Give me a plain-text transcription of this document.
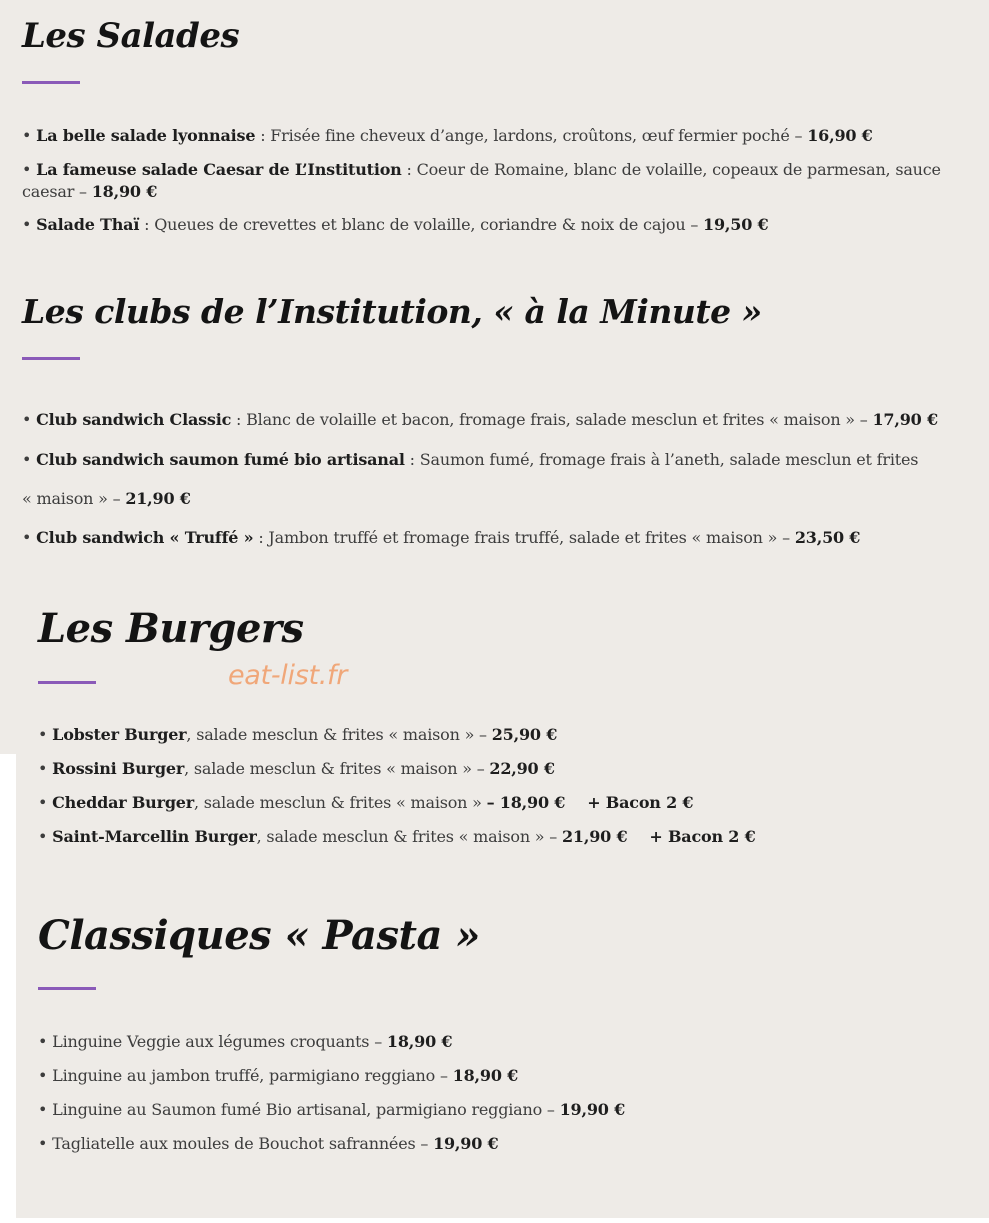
Les Salades

• La belle salade lyonnaise : Frisée fine cheveux d’ange, lardons, croûtons, œuf fermier poché – 16,90 €

• La fameuse salade Caesar de L’Institution : Coeur de Romaine, blanc de volaille, copeaux de parmesan, sauce

caesar – 18,90 €

• Salade Thaï : Queues de crevettes et blanc de volaille, coriandre & noix de cajou – 19,50 €

Les clubs de l’Institution, « à la Minute »

• Club sandwich Classic : Blanc de volaille et bacon, fromage frais, salade mesclun et frites « maison » – 17,90 €

• Club sandwich saumon fumé bio artisanal : Saumon fumé, fromage frais à l’aneth, salade mesclun et frites

« maison » – 21,90 €

• Club sandwich « Truffé » : Jambon truffé et fromage frais truffé, salade et frites « maison » – 23,50 €

Les Burgers
eat-list.fr

• Lobster Burger, salade mesclun & frites « maison » – 25,90 €

• Rossini Burger, salade mesclun & frites « maison » – 22,90 €

• Cheddar Burger, salade mesclun & frites « maison » – 18,90 € + Bacon 2 €

• Saint-Marcellin Burger, salade mesclun & frites « maison » – 21,90 € + Bacon 2 €

Classiques « Pasta »

• Linguine Veggie aux légumes croquants – 18,90 €

• Linguine au jambon truffé, parmigiano reggiano – 18,90 €

• Linguine au Saumon fumé Bio artisanal, parmigiano reggiano – 19,90 €

• Tagliatelle aux moules de Bouchot safrannées – 19,90 €
